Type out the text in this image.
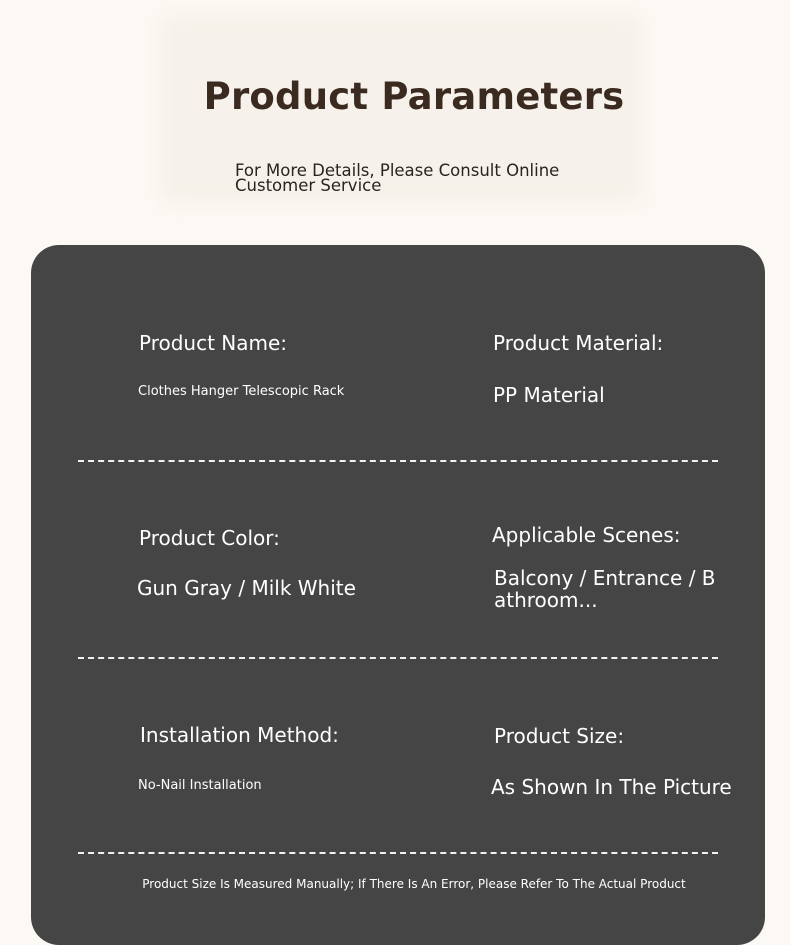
Product Parameters
For More Details, Please Consult Online Customer Service
Product Name:
Clothes Hanger Telescopic Rack
Product Material:
PP Material
Product Color:
Gun Gray / Milk White
Applicable Scenes:
Balcony / Entrance / Bathroom...
Installation Method:
No-Nail Installation
Product Size:
As Shown In The Picture
Product Size Is Measured Manually; If There Is An Error, Please Refer To The Actual Product
